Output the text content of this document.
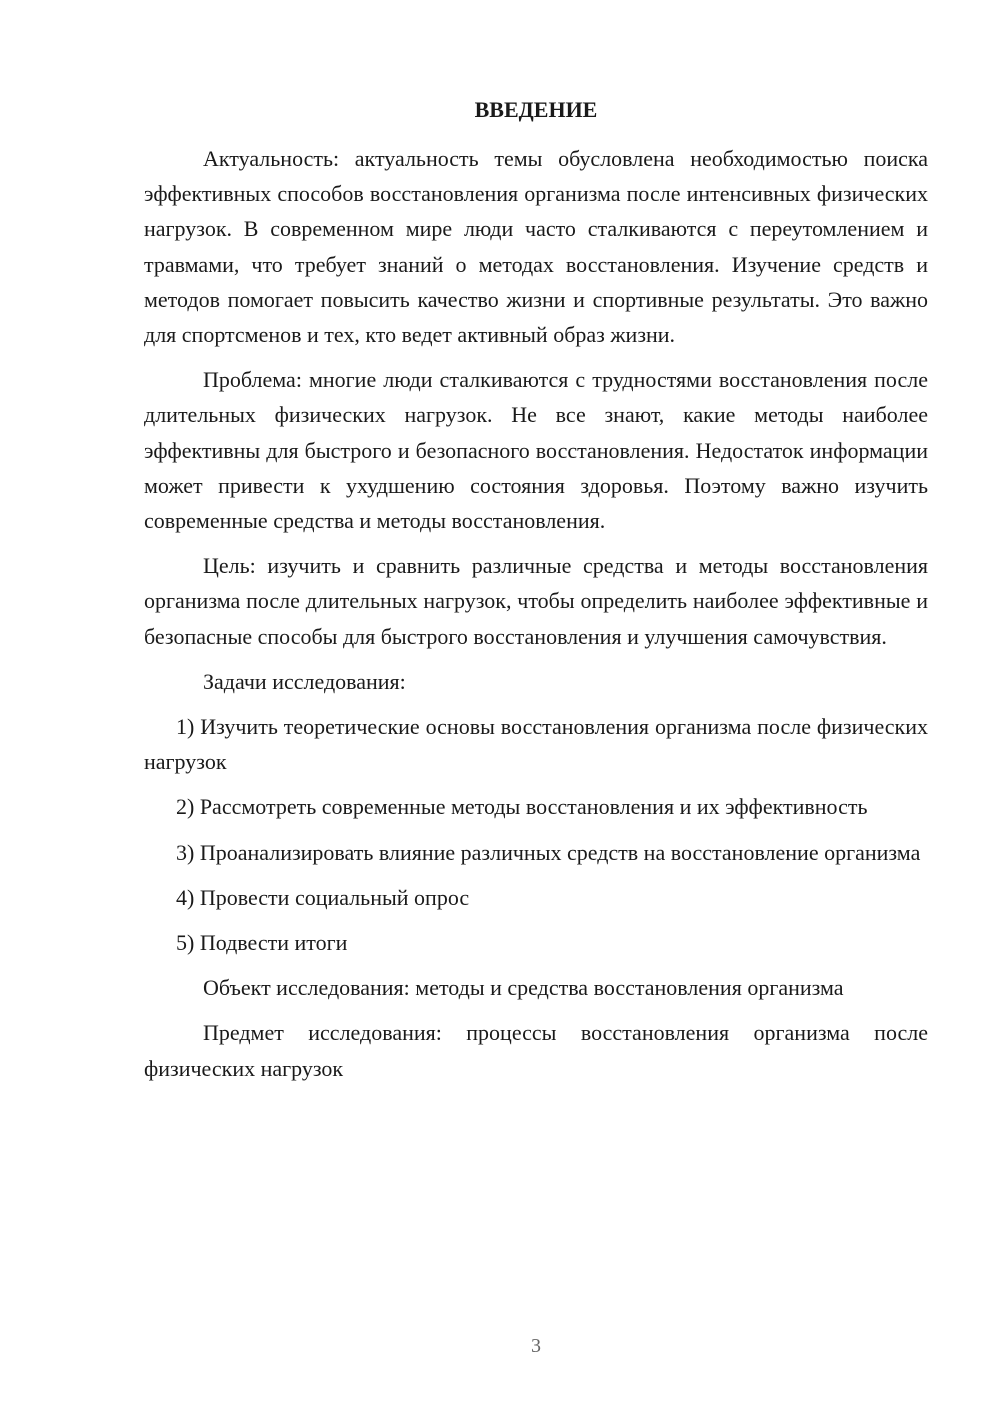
ВВЕДЕНИЕ

Актуальность: актуальность темы обусловлена необходимостью поиска эффективных способов восстановления организма после интенсивных физических нагрузок. В современном мире люди часто сталкиваются с переутомлением и травмами, что требует знаний о методах восстановления. Изучение средств и методов помогает повысить качество жизни и спортивные результаты. Это важно для спортсменов и тех, кто ведет активный образ жизни.

Проблема: многие люди сталкиваются с трудностями восстановления после длительных физических нагрузок. Не все знают, какие методы наиболее эффективны для быстрого и безопасного восстановления. Недостаток информации может привести к ухудшению состояния здоровья. Поэтому важно изучить современные средства и методы восстановления.

Цель: изучить и сравнить различные средства и методы восстановления организма после длительных нагрузок, чтобы определить наиболее эффективные и безопасные способы для быстрого восстановления и улучшения самочувствия.

Задачи исследования:

1) Изучить теоретические основы восстановления организма после физических нагрузок

2) Рассмотреть современные методы восстановления и их эффективность

3) Проанализировать влияние различных средств на восстановление организма

4) Провести социальный опрос

5) Подвести итоги

Объект исследования: методы и средства восстановления организма

Предмет исследования: процессы восстановления организма после физических нагрузок

3
